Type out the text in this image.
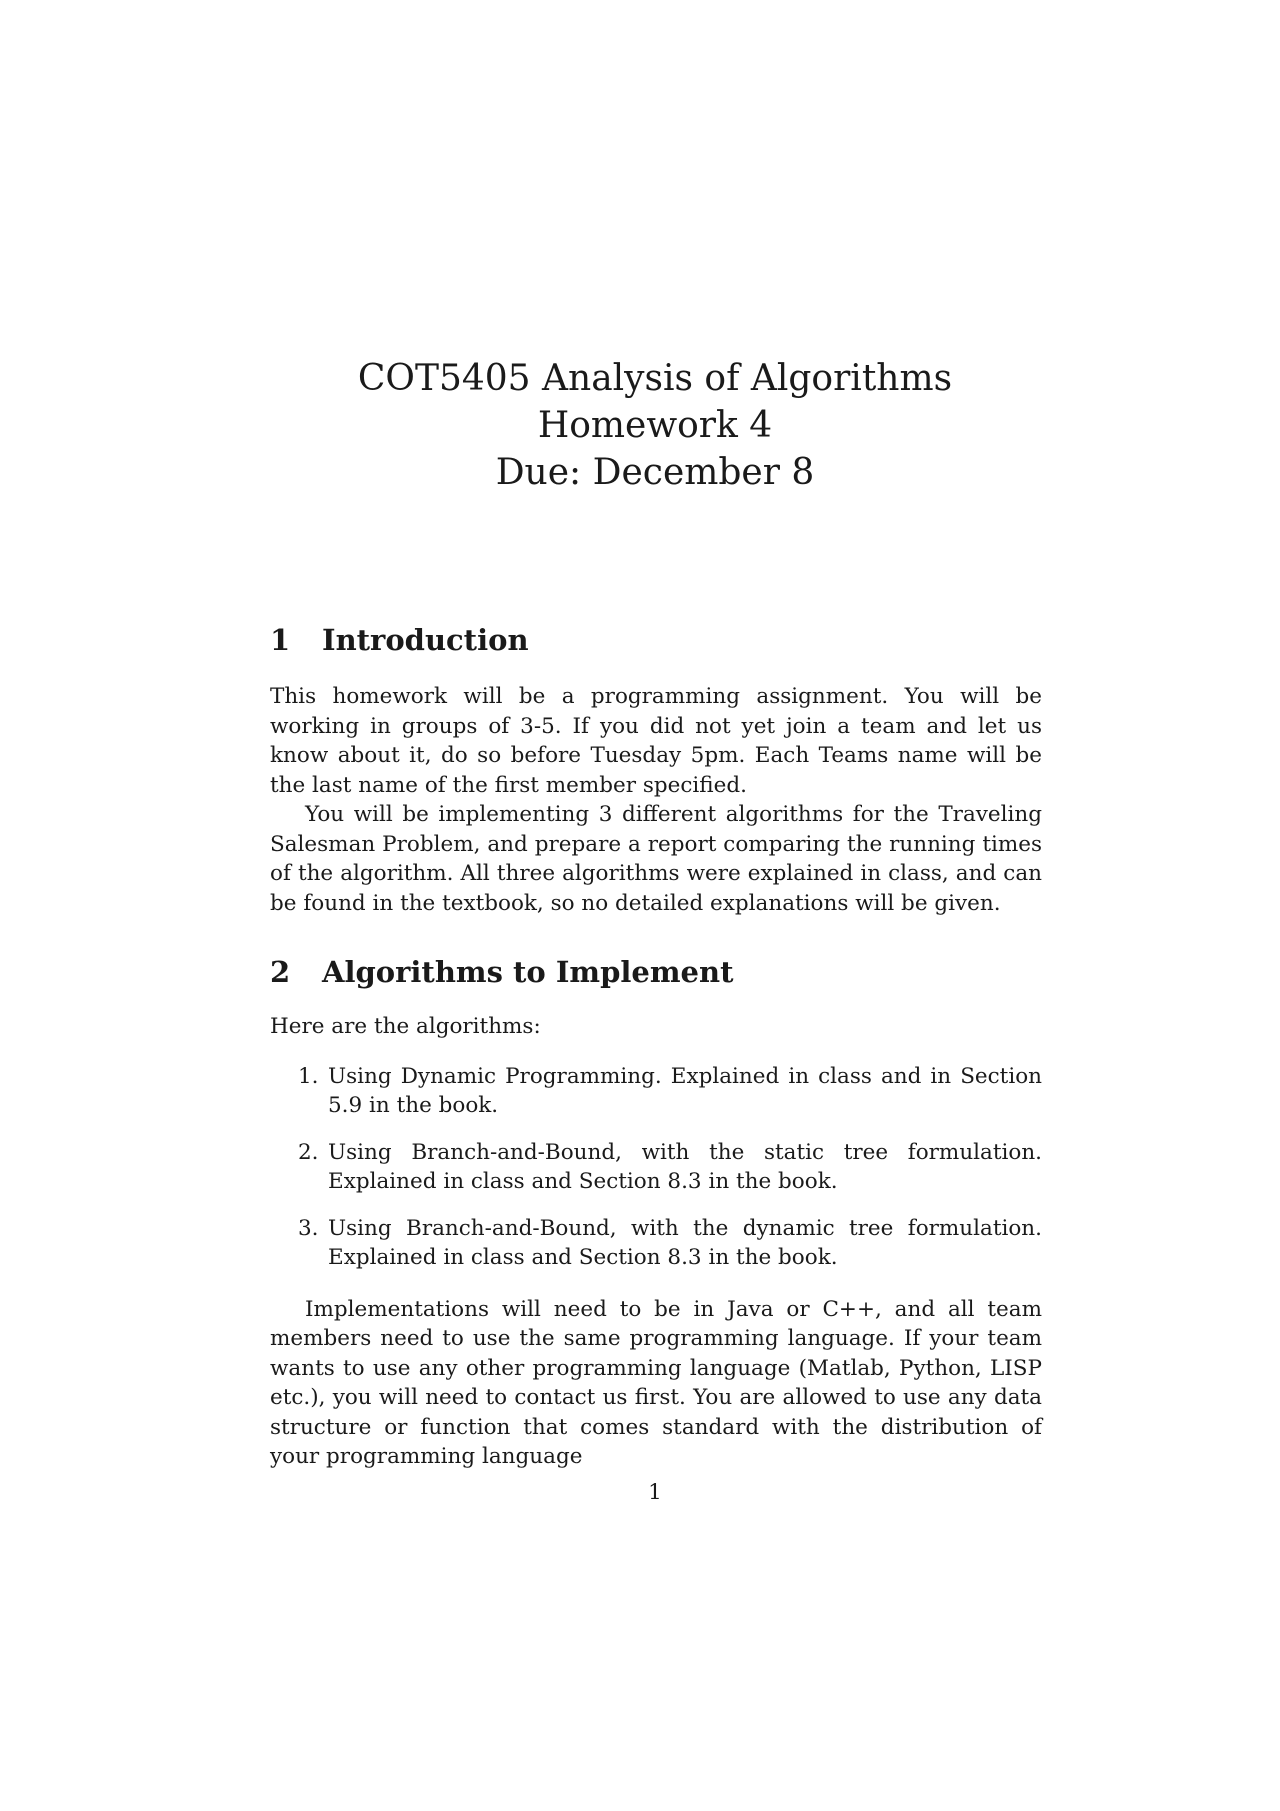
COT5405 Analysis of Algorithms
Homework 4
Due: December 8
1 Introduction

This homework will be a programming assignment. You will be working in groups of 3-5. If you did not yet join a team and let us know about it, do so before Tuesday 5pm. Each Teams name will be the last name of the first member specified.

You will be implementing 3 different algorithms for the Traveling Salesman Problem, and prepare a report comparing the running times of the algorithm. All three algorithms were explained in class, and can be found in the textbook, so no detailed explanations will be given.

2 Algorithms to Implement

Here are the algorithms:

1. Using Dynamic Programming. Explained in class and in Section 5.9 in the book.
2. Using Branch-and-Bound, with the static tree formulation. Explained in class and Section 8.3 in the book.
3. Using Branch-and-Bound, with the dynamic tree formulation. Explained in class and Section 8.3 in the book.

Implementations will need to be in Java or C++, and all team members need to use the same programming language. If your team wants to use any other programming language (Matlab, Python, LISP etc.), you will need to contact us first. You are allowed to use any data structure or function that comes standard with the distribution of your programming language

1
